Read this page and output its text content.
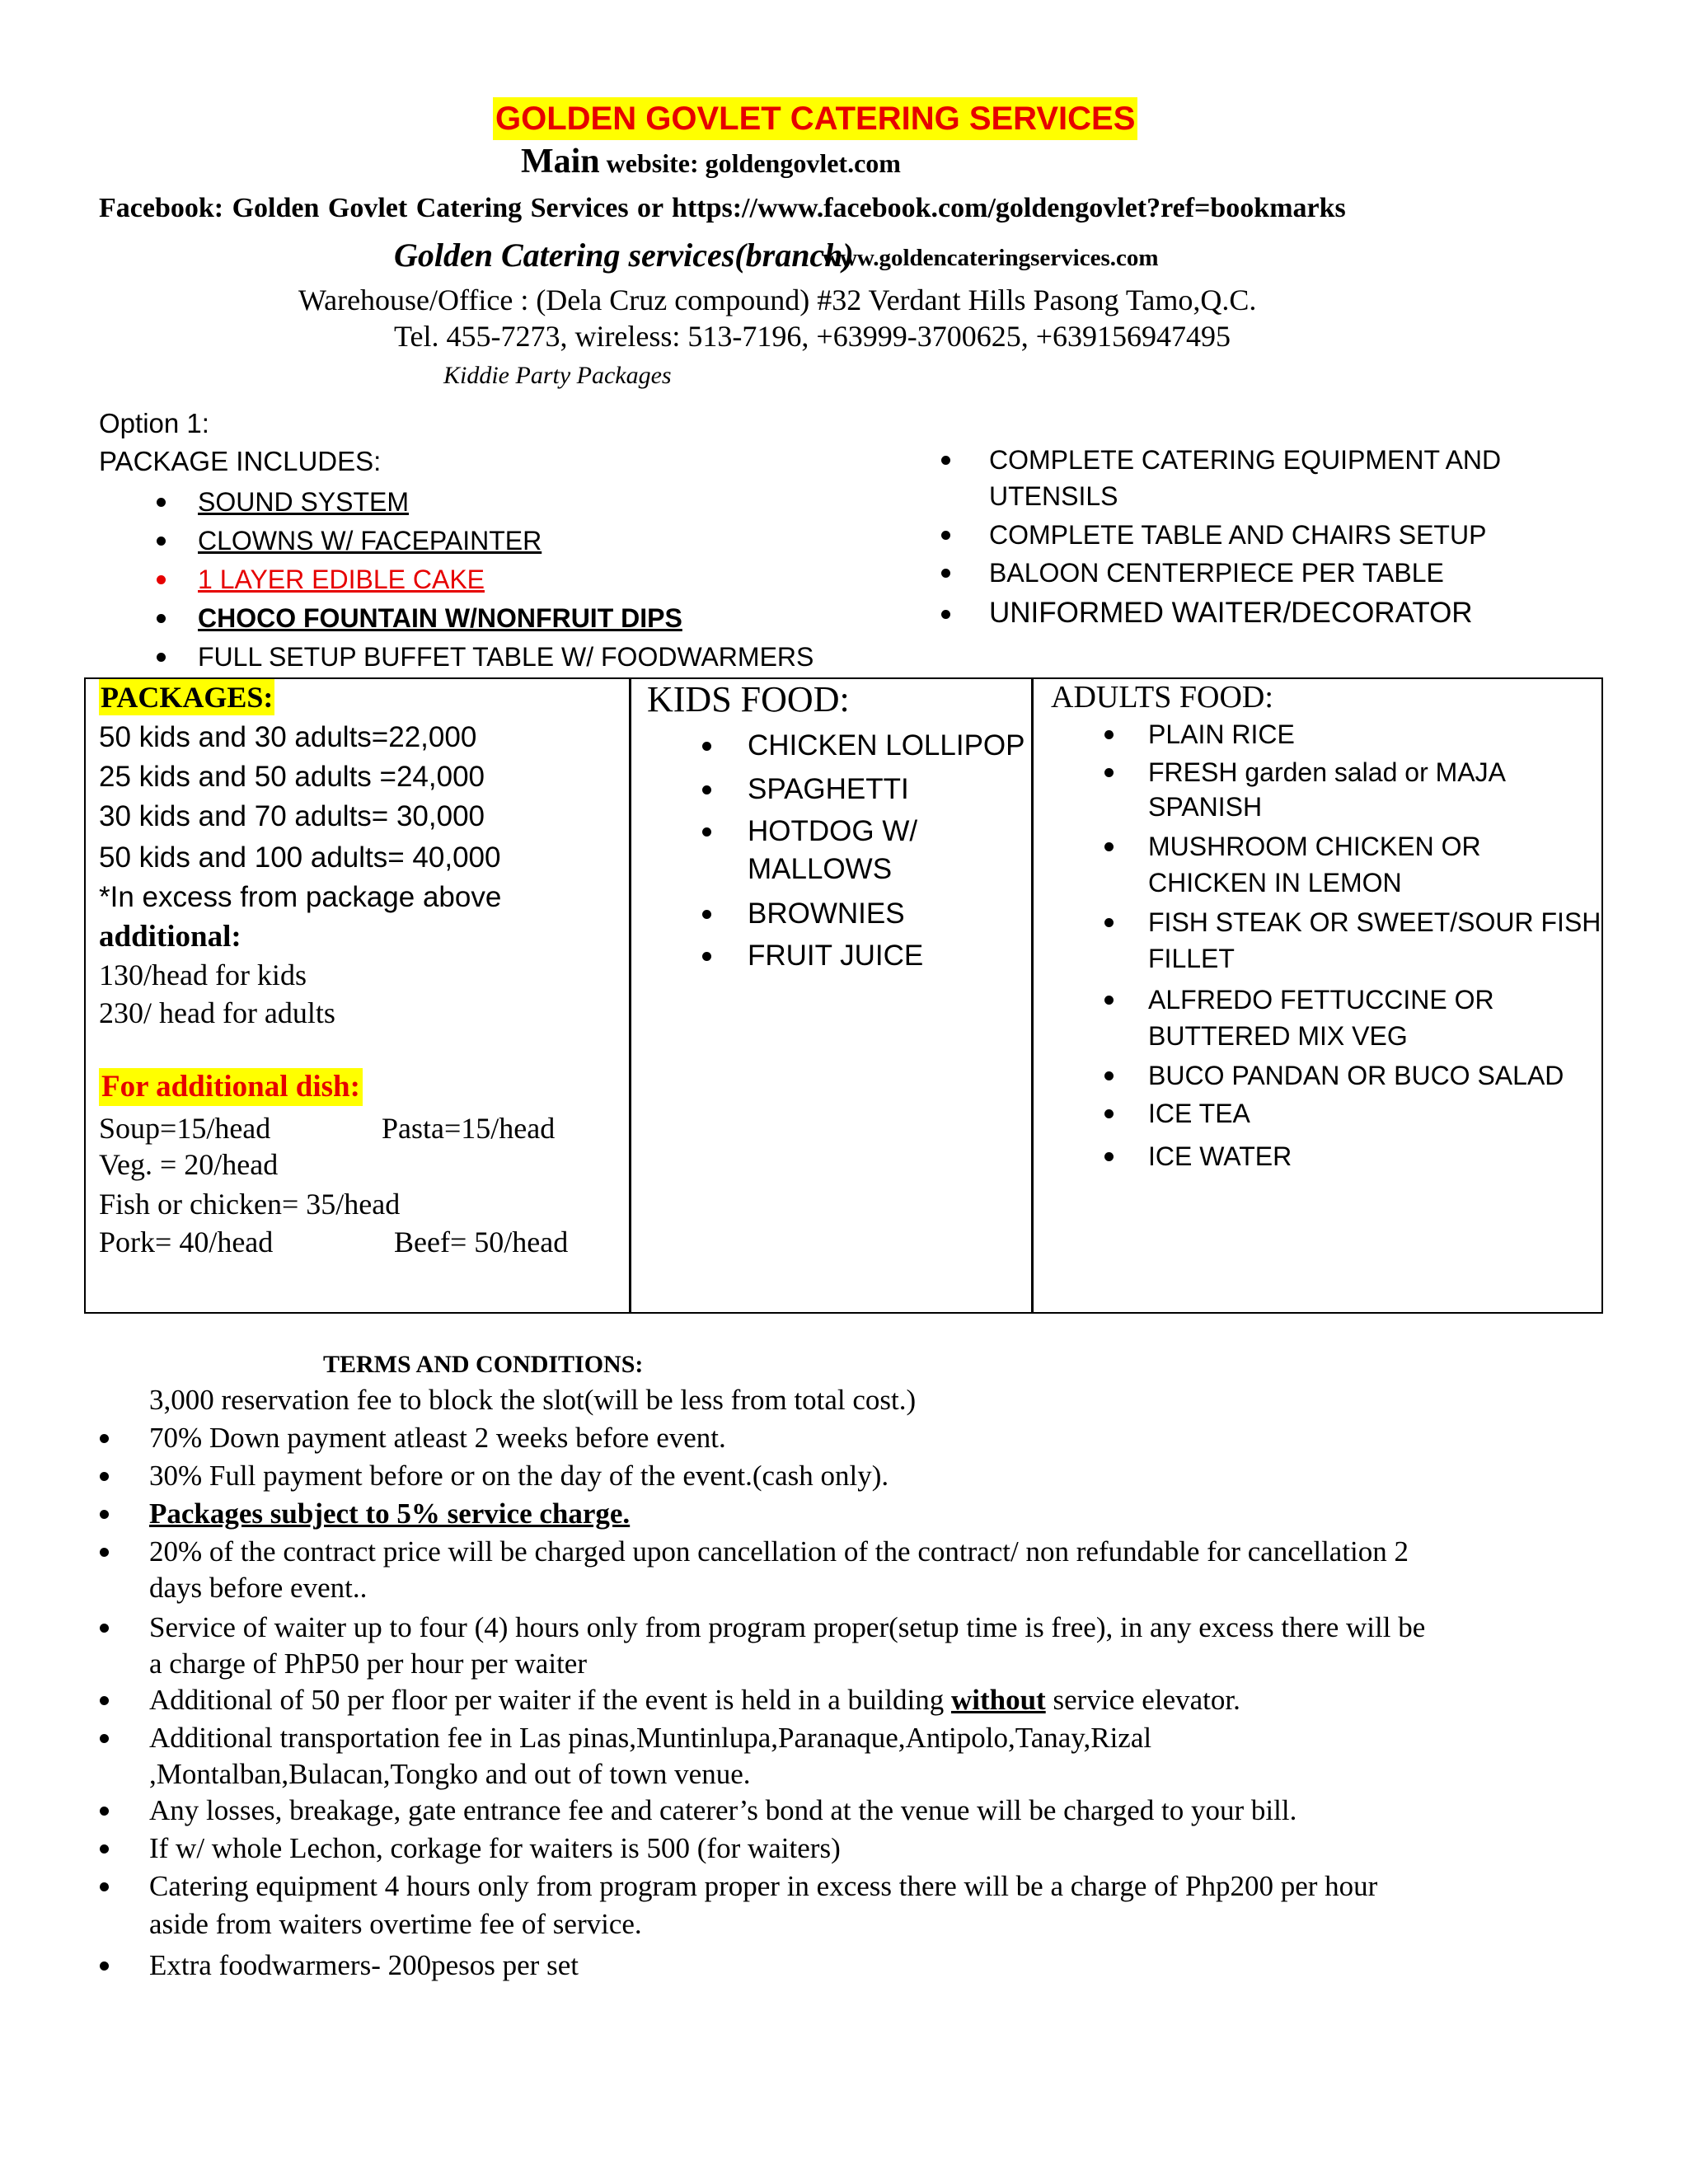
GOLDEN GOVLET CATERING SERVICES
Main website: goldengovlet.com
Facebook: Golden Govlet Catering Services or https://www.facebook.com/goldengovlet?ref=bookmarks
Golden Catering services(branch)
www.goldencateringservices.com
Warehouse/Office : (Dela Cruz compound) #32 Verdant Hills Pasong Tamo,Q.C.
Tel. 455-7273, wireless: 513-7196, +63999-3700625, +639156947495
Kiddie Party Packages
Option 1:
PACKAGE INCLUDES:
SOUND SYSTEM
CLOWNS W/ FACEPAINTER
1 LAYER EDIBLE CAKE
CHOCO FOUNTAIN W/NONFRUIT DIPS
FULL SETUP BUFFET TABLE W/ FOODWARMERS
COMPLETE CATERING EQUIPMENT AND
UTENSILS
COMPLETE TABLE AND CHAIRS SETUP
BALOON CENTERPIECE PER TABLE
UNIFORMED WAITER/DECORATOR
PACKAGES:
50 kids and 30 adults=22,000
25 kids and 50 adults =24,000
30 kids and 70 adults= 30,000
50 kids and 100 adults= 40,000
*In excess from package above
additional:
130/head for kids
230/ head for adults
For additional dish:
Soup=15/head	Pasta=15/head
Veg. = 20/head
Fish or chicken= 35/head
Pork= 40/head	Beef= 50/head
KIDS FOOD:
CHICKEN LOLLIPOP
SPAGHETTI
HOTDOG W/
MALLOWS
BROWNIES
FRUIT JUICE
ADULTS FOOD:
PLAIN RICE
FRESH garden salad or MAJA
SPANISH
MUSHROOM CHICKEN OR
CHICKEN IN LEMON
FISH STEAK OR SWEET/SOUR FISH
FILLET
ALFREDO FETTUCCINE OR
BUTTERED MIX VEG
BUCO PANDAN OR BUCO SALAD
ICE TEA
ICE WATER
TERMS AND CONDITIONS:
3,000 reservation fee to block the slot(will be less from total cost.)
70% Down payment atleast 2 weeks before event.
30% Full payment before or on the day of the event.(cash only).
Packages subject to 5% service charge.
20% of the contract price will be charged upon cancellation of the contract/ non refundable for cancellation 2
days before event..
Service of waiter up to four (4) hours only from program proper(setup time is free), in any excess there will be
a charge of PhP50 per hour per waiter
Additional of 50 per floor per waiter if the event is held in a building without service elevator.
Additional transportation fee in Las pinas,Muntinlupa,Paranaque,Antipolo,Tanay,Rizal
,Montalban,Bulacan,Tongko and out of town venue.
Any losses, breakage, gate entrance fee and caterer’s bond at the venue will be charged to your bill.
If w/ whole Lechon, corkage for waiters is 500 (for waiters)
Catering equipment 4 hours only from program proper in excess there will be a charge of Php200 per hour
aside from waiters overtime fee of service.
Extra foodwarmers- 200pesos per set
